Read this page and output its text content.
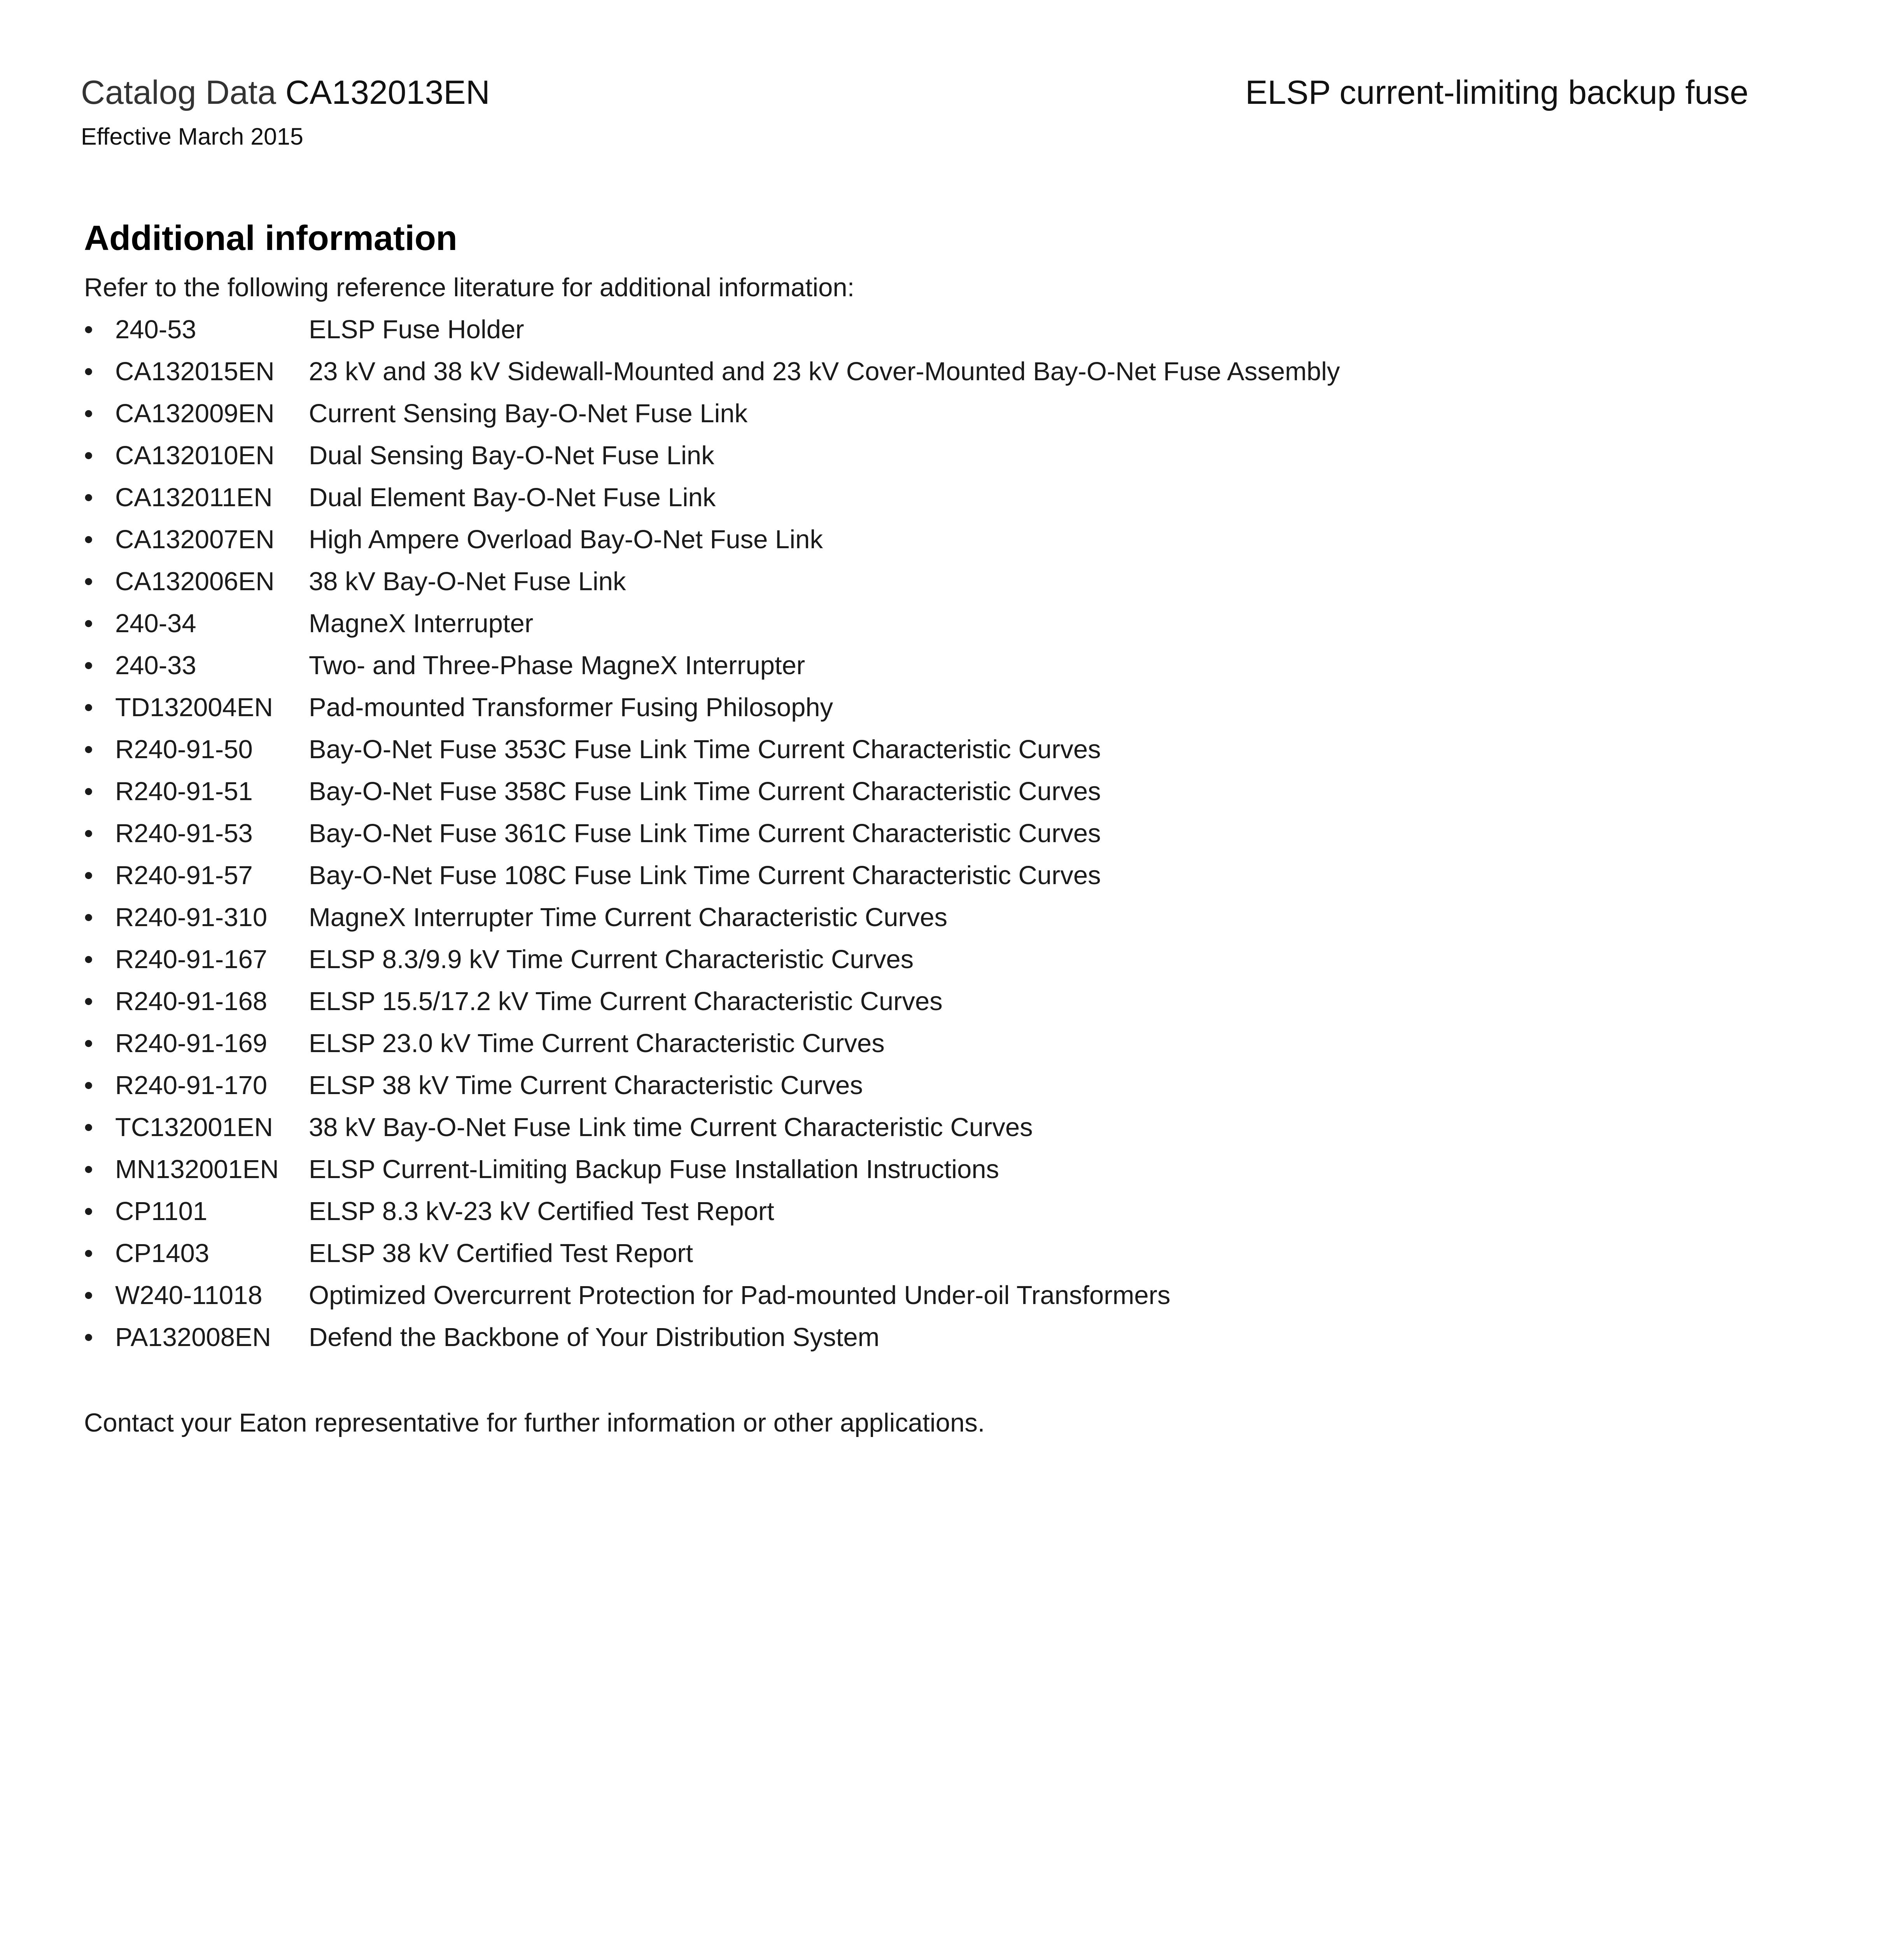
Catalog Data CA132013EN	ELSP current-limiting backup fuse
Effective March 2015
Additional information
Refer to the following reference literature for additional information:
• 240-53	ELSP Fuse Holder
• CA132015EN	23 kV and 38 kV Sidewall-Mounted and 23 kV Cover-Mounted Bay-O-Net Fuse Assembly
• CA132009EN	Current Sensing Bay-O-Net Fuse Link
• CA132010EN	Dual Sensing Bay-O-Net Fuse Link
• CA132011EN	Dual Element Bay-O-Net Fuse Link
• CA132007EN	High Ampere Overload Bay-O-Net Fuse Link
• CA132006EN	38 kV Bay-O-Net Fuse Link
• 240-34	MagneX Interrupter
• 240-33	Two- and Three-Phase MagneX Interrupter
• TD132004EN	Pad-mounted Transformer Fusing Philosophy
• R240-91-50	Bay-O-Net Fuse 353C Fuse Link Time Current Characteristic Curves
• R240-91-51	Bay-O-Net Fuse 358C Fuse Link Time Current Characteristic Curves
• R240-91-53	Bay-O-Net Fuse 361C Fuse Link Time Current Characteristic Curves
• R240-91-57	Bay-O-Net Fuse 108C Fuse Link Time Current Characteristic Curves
• R240-91-310	MagneX Interrupter Time Current Characteristic Curves
• R240-91-167	ELSP 8.3/9.9 kV Time Current Characteristic Curves
• R240-91-168	ELSP 15.5/17.2 kV Time Current Characteristic Curves
• R240-91-169	ELSP 23.0 kV Time Current Characteristic Curves
• R240-91-170	ELSP 38 kV Time Current Characteristic Curves
• TC132001EN	38 kV Bay-O-Net Fuse Link time Current Characteristic Curves
• MN132001EN	ELSP Current-Limiting Backup Fuse Installation Instructions
• CP1101	ELSP 8.3 kV-23 kV Certified Test Report
• CP1403	ELSP 38 kV Certified Test Report
• W240-11018	Optimized Overcurrent Protection for Pad-mounted Under-oil Transformers
• PA132008EN	Defend the Backbone of Your Distribution System
Contact your Eaton representative for further information or other applications.
